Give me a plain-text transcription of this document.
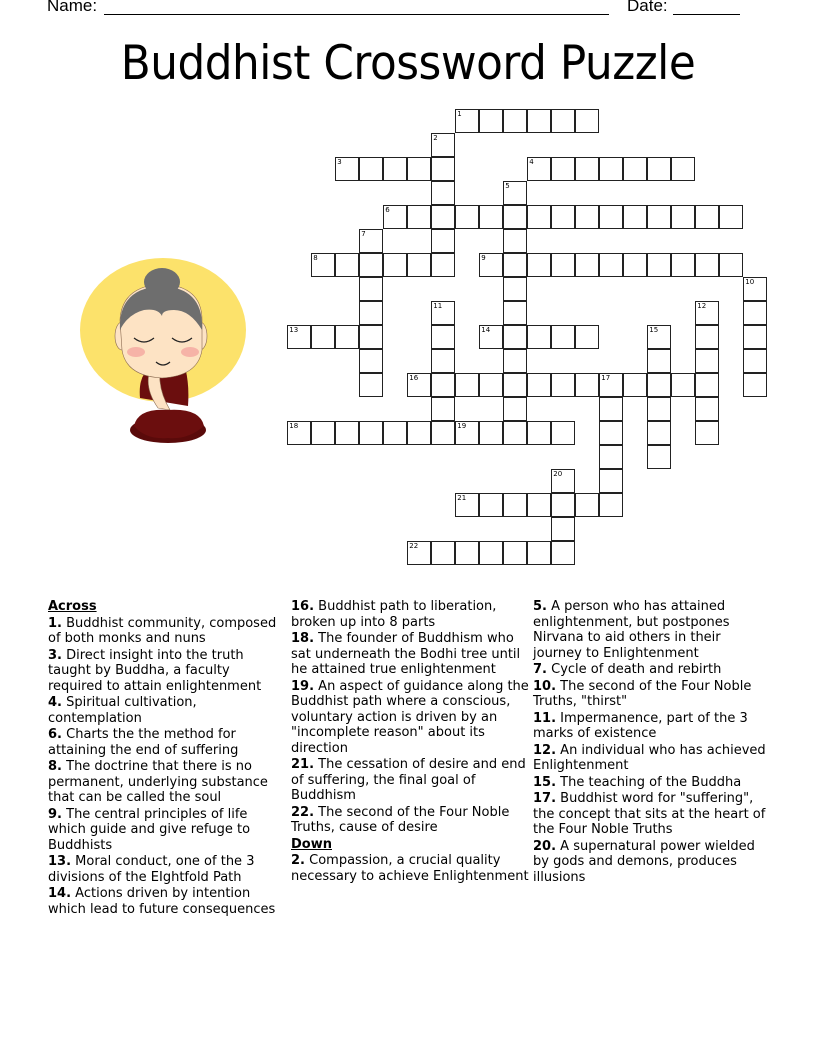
Name:	Date:
Buddhist Crossword Puzzle
1
2
3	4
5
6
7
8	9
10
11	12
13	14	15
16	17
18	19
20
21
22
Across
1. Buddhist community, composed of both monks and nuns
3. Direct insight into the truth taught by Buddha, a faculty required to attain enlightenment
4. Spiritual cultivation, contemplation
6. Charts the the method for attaining the end of suffering
8. The doctrine that there is no permanent, underlying substance that can be called the soul
9. The central principles of life which guide and give refuge to Buddhists
13. Moral conduct, one of the 3 divisions of the EIghtfold Path
14. Actions driven by intention which lead to future consequences
16. Buddhist path to liberation, broken up into 8 parts
18. The founder of Buddhism who sat underneath the Bodhi tree until he attained true enlightenment
19. An aspect of guidance along the Buddhist path where a conscious, voluntary action is driven by an "incomplete reason" about its direction
21. The cessation of desire and end of suffering, the final goal of Buddhism
22. The second of the Four Noble Truths, cause of desire
Down
2. Compassion, a crucial quality necessary to achieve Enlightenment
5. A person who has attained enlightenment, but postpones Nirvana to aid others in their journey to Enlightenment
7. Cycle of death and rebirth
10. The second of the Four Noble Truths, "thirst"
11. Impermanence, part of the 3 marks of existence
12. An individual who has achieved Enlightenment
15. The teaching of the Buddha
17. Buddhist word for "suffering", the concept that sits at the heart of the Four Noble Truths
20. A supernatural power wielded by gods and demons, produces illusions
